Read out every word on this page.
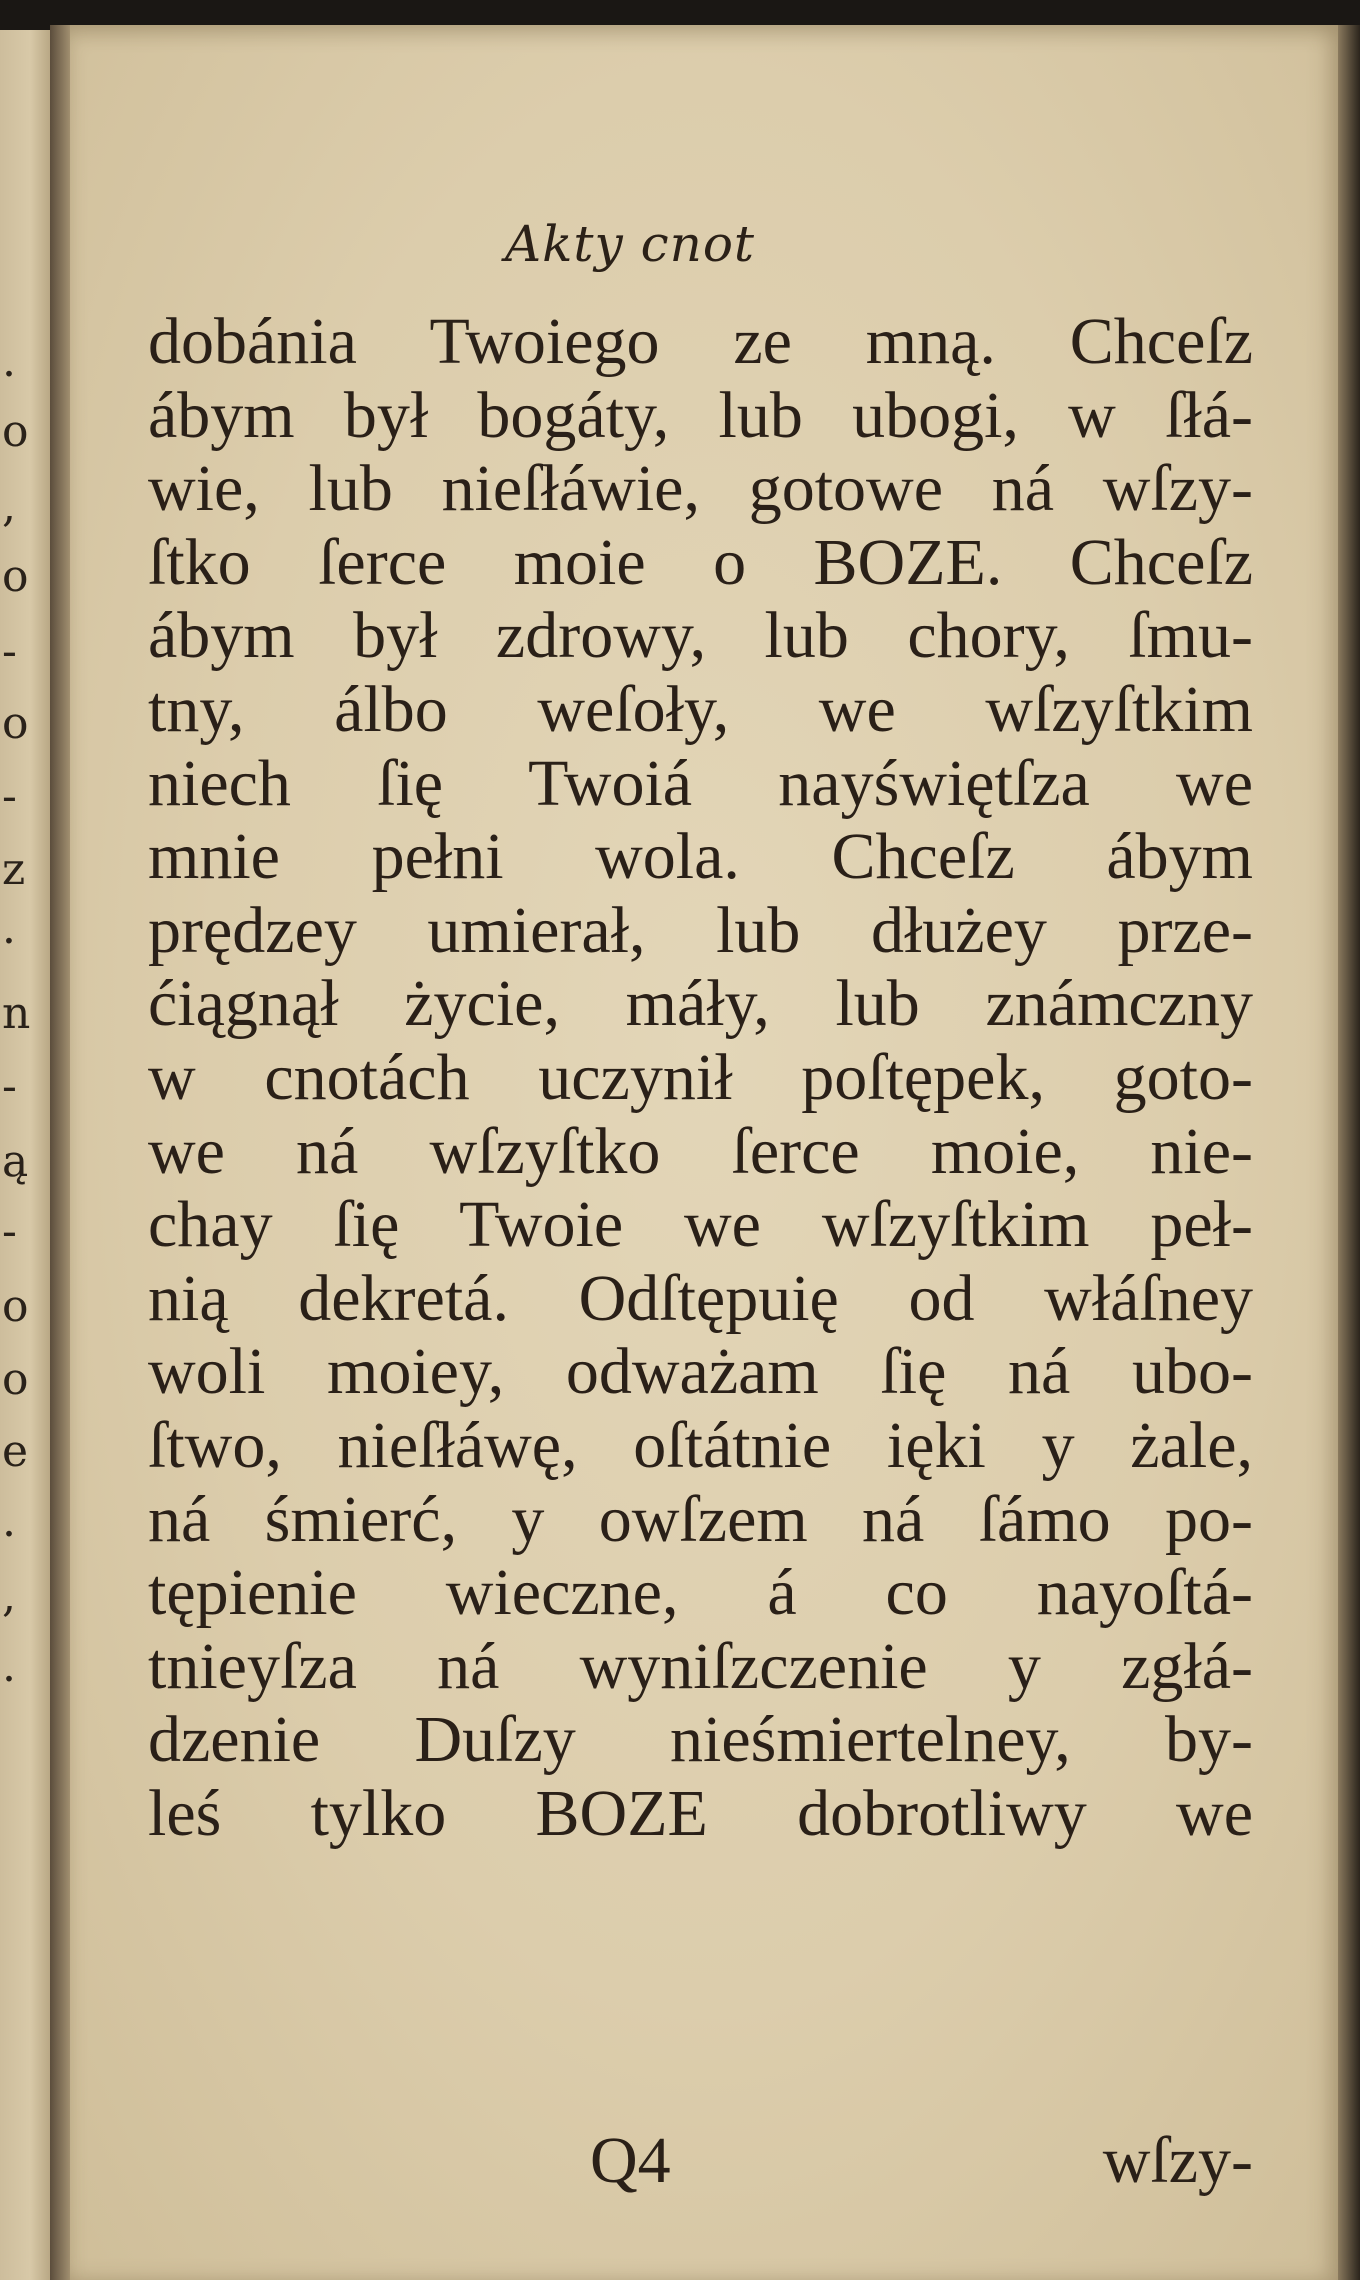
.
o
,
o
-
o
-
z
·
n
-
ą
-
o
o
e
.
,
.
Akty cnot
dobánia Twoiego ze mną. Chceſz
ábym był bogáty, lub ubogi, w ſłá-
wie, lub nieſłáwie, gotowe ná wſzy-
ſtko ſerce moie o BOZE. Chceſz
ábym był zdrowy, lub chory, ſmu-
tny, álbo weſoły, we wſzyſtkim
niech ſię Twoiá nayświętſza we
mnie pełni wola. Chceſz ábym
prędzey umierał, lub dłużey prze-
ćiągnął życie, máły, lub známczny
w cnotách uczynił poſtępek, goto-
we ná wſzyſtko ſerce moie, nie-
chay ſię Twoie we wſzyſtkim peł-
nią dekretá. Odſtępuię od włáſney
woli moiey, odważam ſię ná ubo-
ſtwo, nieſłáwę, oſtátnie ięki y żale,
ná śmierć, y owſzem ná ſámo po-
tępienie wieczne, á co nayoſtá-
tnieyſza ná wyniſzczenie y zgłá-
dzenie Duſzy nieśmiertelney, by-
leś tylko BOZE dobrotliwy we
Q4	wſzy-
